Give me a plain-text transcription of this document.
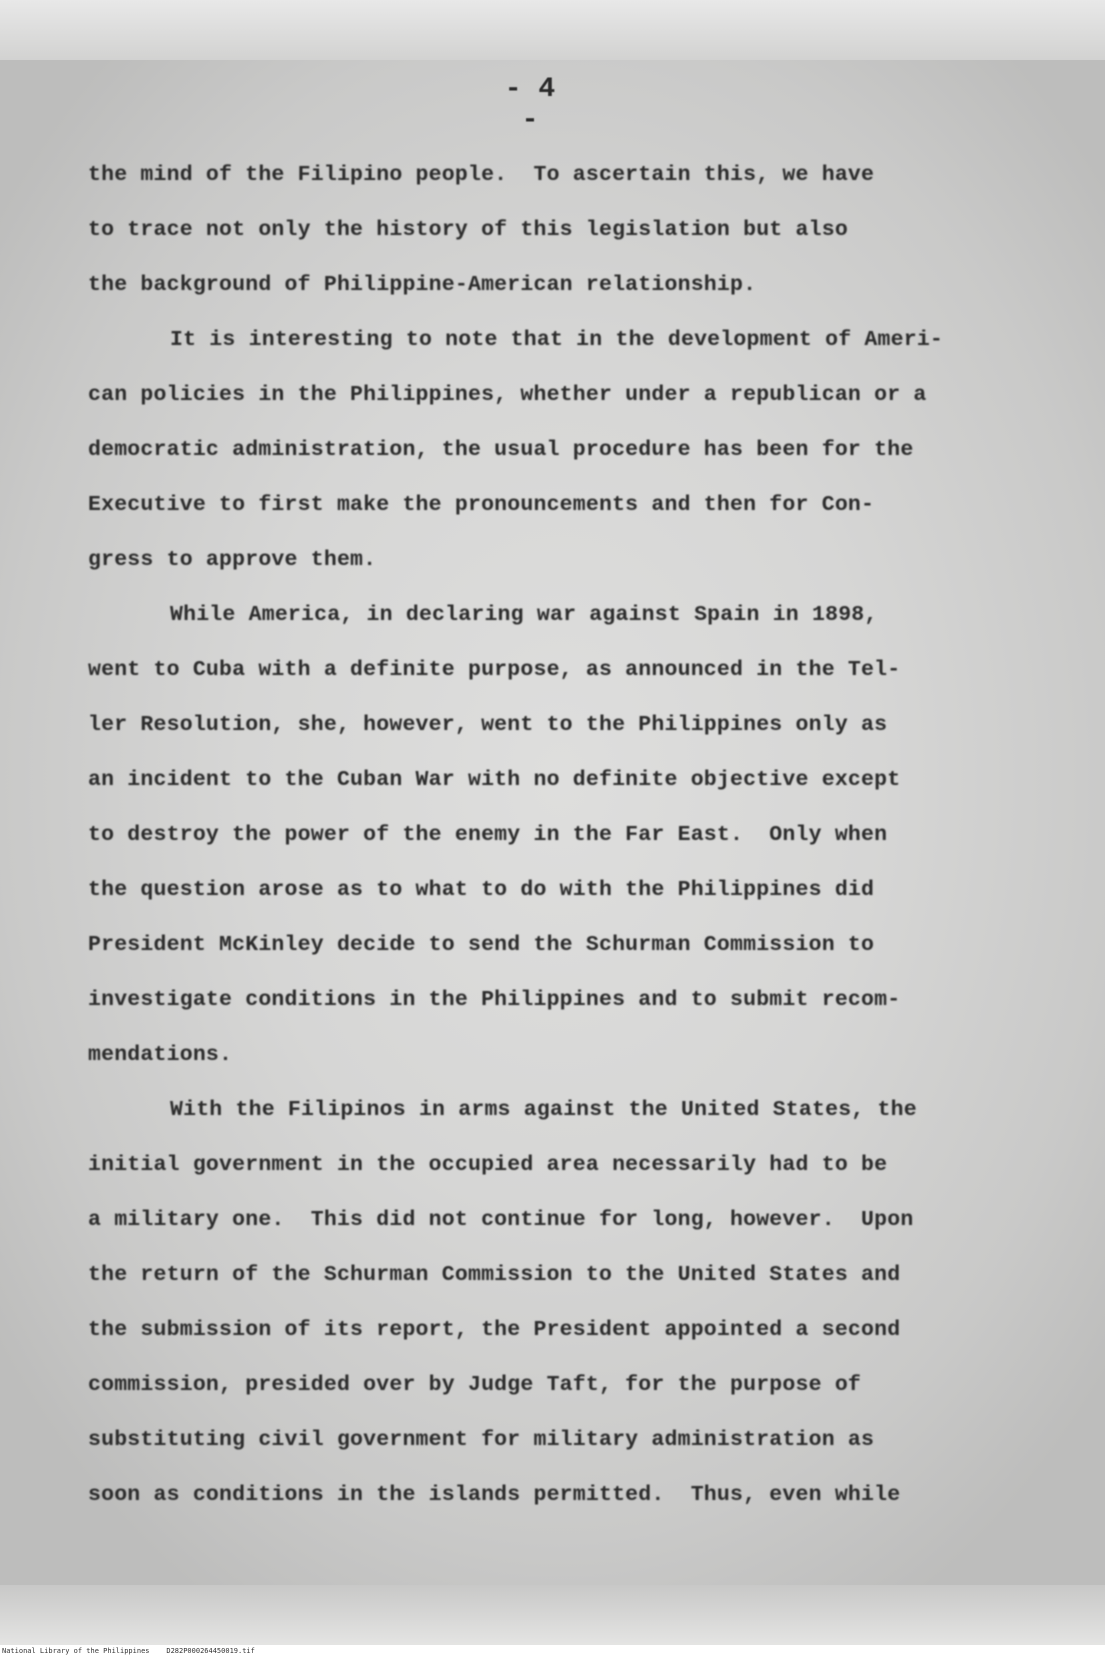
- 4 -
the mind of the Filipino people.  To ascertain this, we have
to trace not only the history of this legislation but also
the background of Philippine-American relationship.
It is interesting to note that in the development of Ameri-
can policies in the Philippines, whether under a republican or a
democratic administration, the usual procedure has been for the
Executive to first make the pronouncements and then for Con-
gress to approve them.
While America, in declaring war against Spain in 1898,
went to Cuba with a definite purpose, as announced in the Tel-
ler Resolution, she, however, went to the Philippines only as
an incident to the Cuban War with no definite objective except
to destroy the power of the enemy in the Far East.  Only when
the question arose as to what to do with the Philippines did
President McKinley decide to send the Schurman Commission to
investigate conditions in the Philippines and to submit recom-
mendations.
With the Filipinos in arms against the United States, the
initial government in the occupied area necessarily had to be
a military one.  This did not continue for long, however.  Upon
the return of the Schurman Commission to the United States and
the submission of its report, the President appointed a second
commission, presided over by Judge Taft, for the purpose of
substituting civil government for military administration as
soon as conditions in the islands permitted.  Thus, even while
National Library of the Philippines    D282P000264450019.tif
